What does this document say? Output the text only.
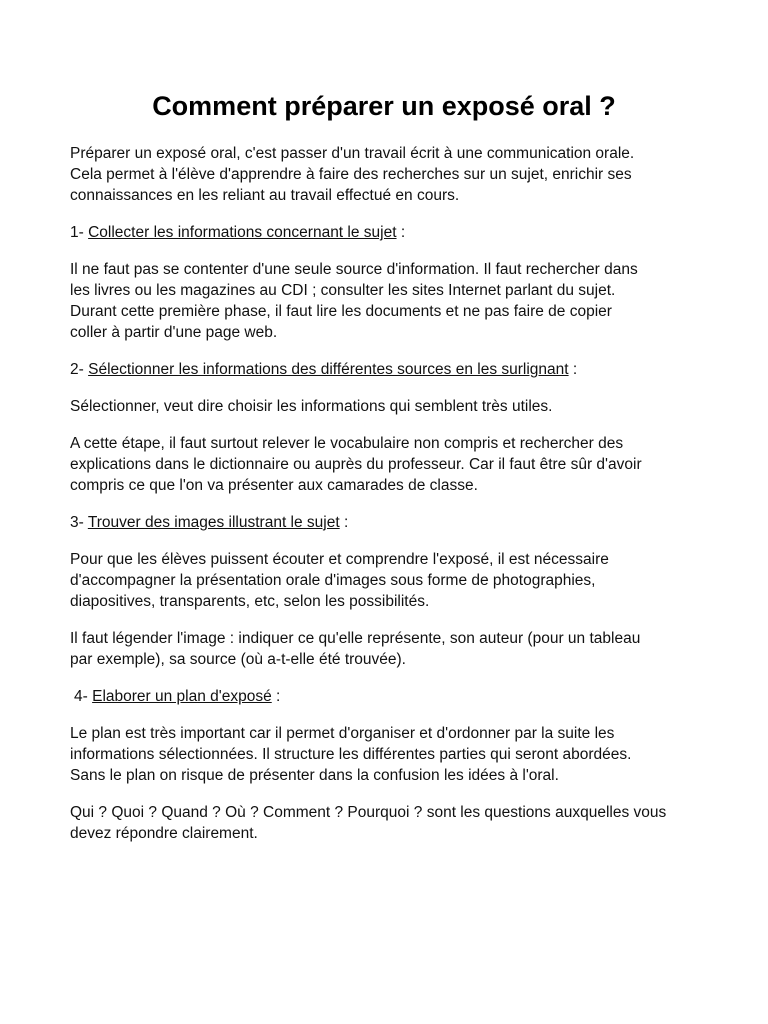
Comment préparer un exposé oral ?

Préparer un exposé oral, c'est passer d'un travail écrit à une communication orale.
Cela permet à l'élève d'apprendre à faire des recherches sur un sujet, enrichir ses
connaissances en les reliant au travail effectué en cours.

1- Collecter les informations concernant le sujet :

Il ne faut pas se contenter d'une seule source d'information. Il faut rechercher dans
les livres ou les magazines au CDI ; consulter les sites Internet parlant du sujet.
Durant cette première phase, il faut lire les documents et ne pas faire de copier
coller à partir d'une page web.

2- Sélectionner les informations des différentes sources en les surlignant :

Sélectionner, veut dire choisir les informations qui semblent très utiles.

A cette étape, il faut surtout relever le vocabulaire non compris et rechercher des
explications dans le dictionnaire ou auprès du professeur. Car il faut être sûr d'avoir
compris ce que l'on va présenter aux camarades de classe.

3- Trouver des images illustrant le sujet :

Pour que les élèves puissent écouter et comprendre l'exposé, il est nécessaire
d'accompagner la présentation orale d'images sous forme de photographies,
diapositives, transparents, etc, selon les possibilités.

Il faut légender l'image : indiquer ce qu'elle représente, son auteur (pour un tableau
par exemple), sa source (où a-t-elle été trouvée).

4- Elaborer un plan d'exposé :

Le plan est très important car il permet d'organiser et d'ordonner par la suite les
informations sélectionnées. Il structure les différentes parties qui seront abordées.
Sans le plan on risque de présenter dans la confusion les idées à l'oral.

Qui ? Quoi ? Quand ? Où ? Comment ? Pourquoi ? sont les questions auxquelles vous
devez répondre clairement.
